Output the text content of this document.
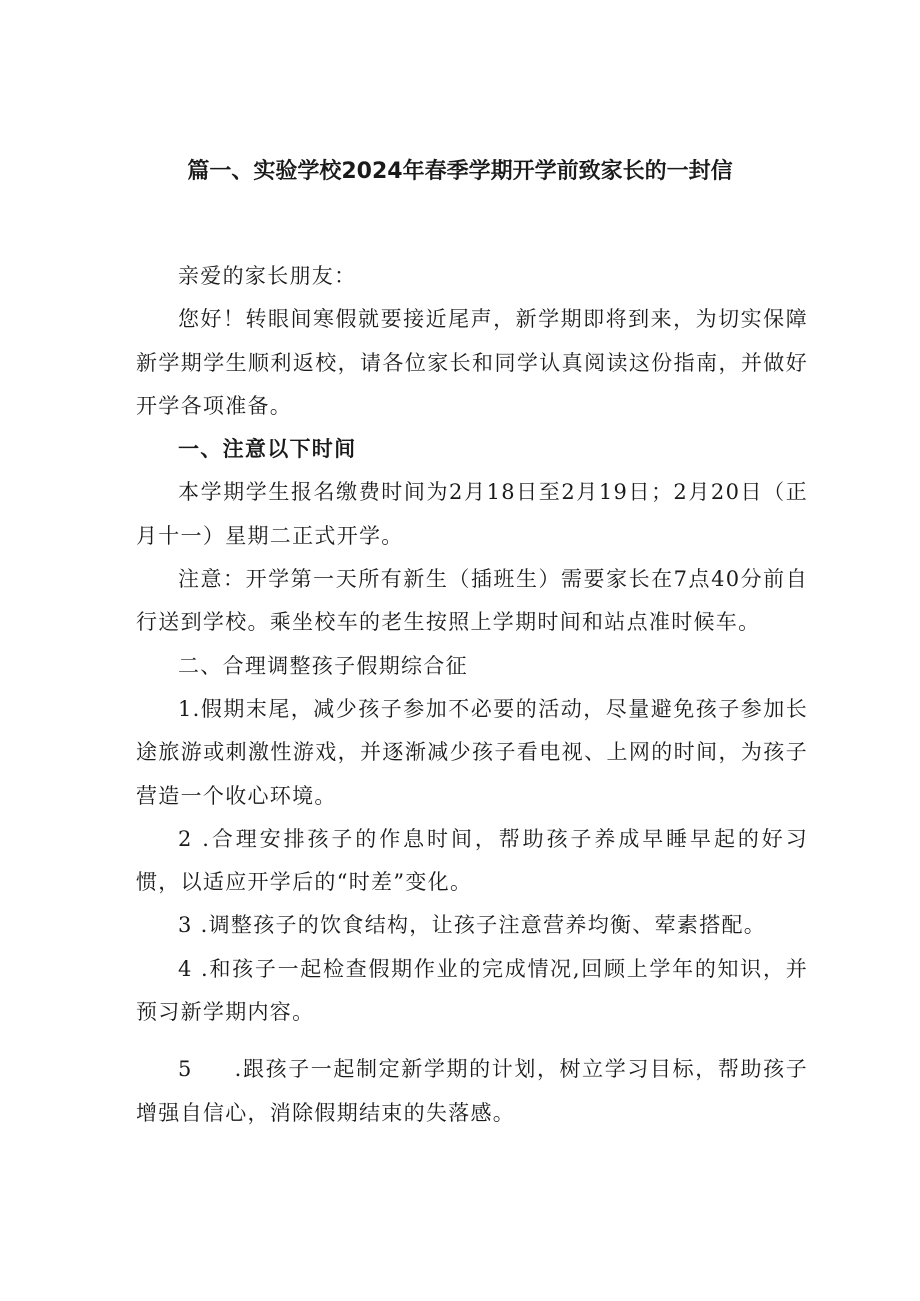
篇一、实验学校2024年春季学期开学前致家长的一封信

亲爱的家长朋友：

您好！转眼间寒假就要接近尾声，新学期即将到来，为切实保障新学期学生顺利返校，请各位家长和同学认真阅读这份指南，并做好开学各项准备。

一、注意以下时间

本学期学生报名缴费时间为2月18日至2月19日；2月20日（正月十一）星期二正式开学。

注意：开学第一天所有新生（插班生）需要家长在7点40分前自行送到学校。乘坐校车的老生按照上学期时间和站点准时候车。

二、合理调整孩子假期综合征

1.假期末尾，减少孩子参加不必要的活动，尽量避免孩子参加长途旅游或刺激性游戏，并逐渐减少孩子看电视、上网的时间，为孩子营造一个收心环境。

2 .合理安排孩子的作息时间，帮助孩子养成早睡早起的好习惯，以适应开学后的“时差”变化。

3 .调整孩子的饮食结构，让孩子注意营养均衡、荤素搭配。

4 .和孩子一起检查假期作业的完成情况,回顾上学年的知识，并预习新学期内容。

5 .跟孩子一起制定新学期的计划，树立学习目标，帮助孩子增强自信心，消除假期结束的失落感。
